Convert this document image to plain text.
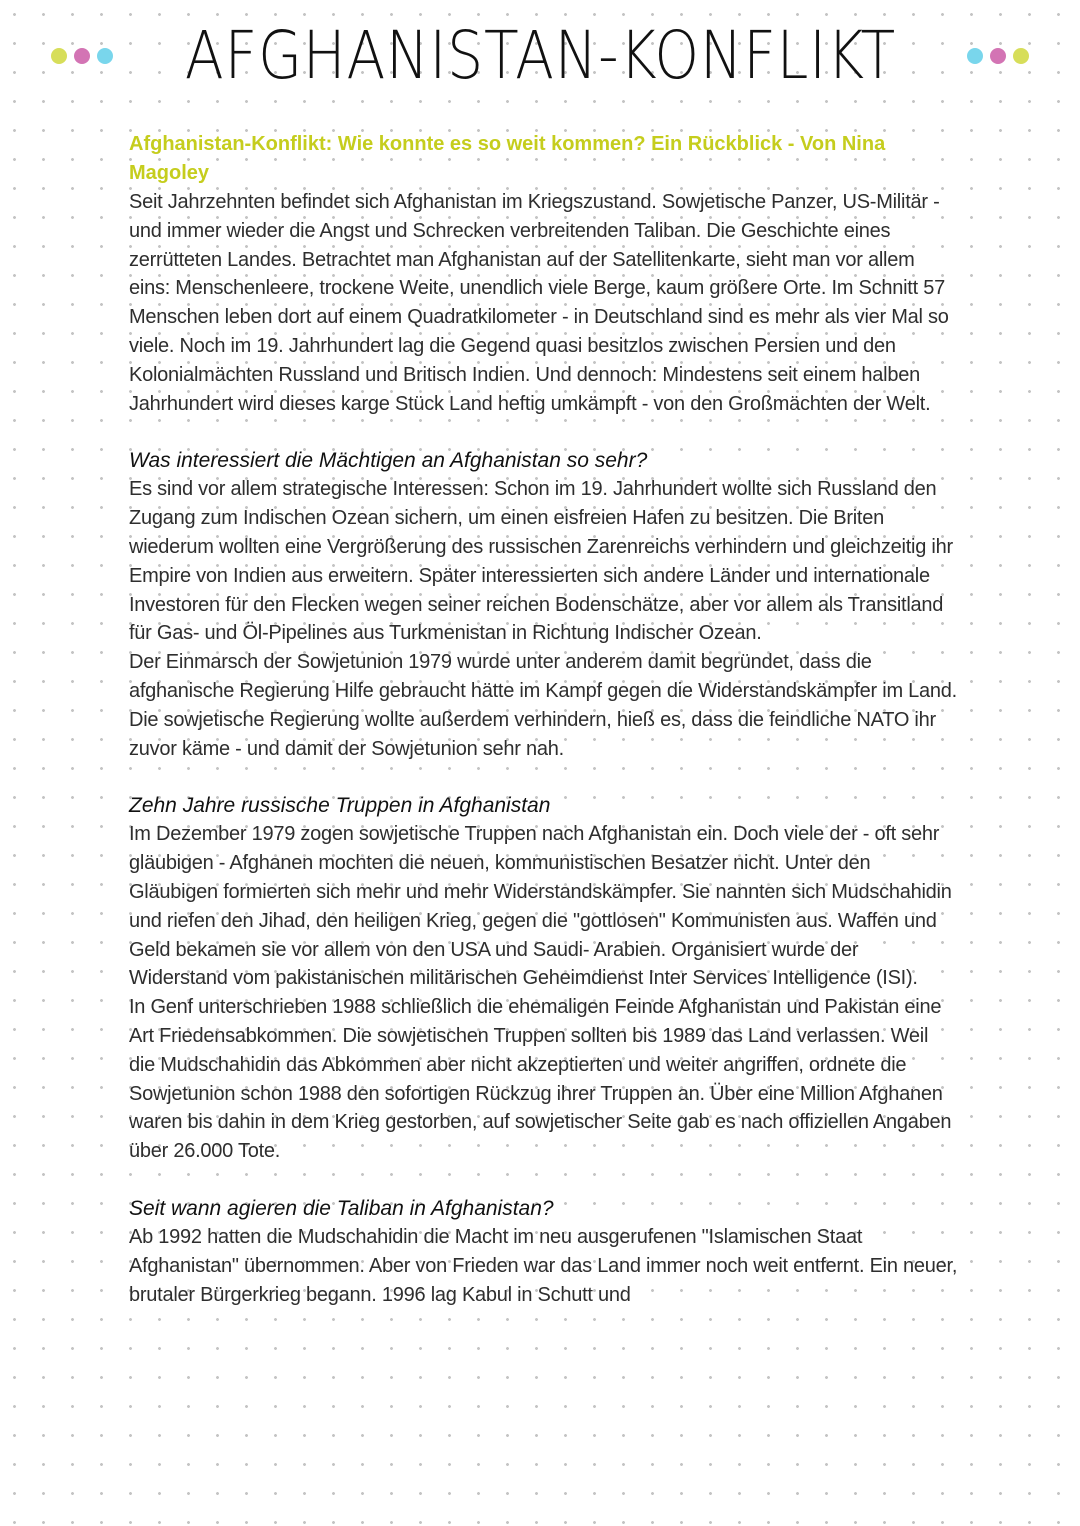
AFGHANISTAN-KONFLIKT
Afghanistan-Konflikt: Wie konnte es so weit kommen? Ein Rückblick - Von Nina Magoley

Seit Jahrzehnten befindet sich Afghanistan im Kriegszustand. Sowjetische Panzer, US-Militär - und immer wieder die Angst und Schrecken verbreitenden Taliban. Die Geschichte eines zerrütteten Landes. Betrachtet man Afghanistan auf der Satellitenkarte, sieht man vor allem eins: Menschenleere, trockene Weite, unendlich viele Berge, kaum größere Orte. Im Schnitt 57 Menschen leben dort auf einem Quadratkilometer - in Deutschland sind es mehr als vier Mal so viele. Noch im 19. Jahrhundert lag die Gegend quasi besitzlos zwischen Persien und den Kolonialmächten Russland und Britisch Indien. Und dennoch: Mindestens seit einem halben Jahrhundert wird dieses karge Stück Land heftig umkämpft - von den Großmächten der Welt.

Was interessiert die Mächtigen an Afghanistan so sehr?

Es sind vor allem strategische Interessen: Schon im 19. Jahrhundert wollte sich Russland den Zugang zum Indischen Ozean sichern, um einen eisfreien Hafen zu besitzen. Die Briten wiederum wollten eine Vergrößerung des russischen Zarenreichs verhindern und gleichzeitig ihr Empire von Indien aus erweitern. Später interessierten sich andere Länder und internationale Investoren für den Flecken wegen seiner reichen Bodenschätze, aber vor allem als Transitland für Gas- und Öl-Pipelines aus Turkmenistan in Richtung Indischer Ozean.

Der Einmarsch der Sowjetunion 1979 wurde unter anderem damit begründet, dass die afghanische Regierung Hilfe gebraucht hätte im Kampf gegen die Widerstandskämpfer im Land. Die sowjetische Regierung wollte außerdem verhindern, hieß es, dass die feindliche NATO ihr zuvor käme - und damit der Sowjetunion sehr nah.

Zehn Jahre russische Truppen in Afghanistan

Im Dezember 1979 zogen sowjetische Truppen nach Afghanistan ein. Doch viele der - oft sehr gläubigen - Afghanen mochten die neuen, kommunistischen Besatzer nicht. Unter den Gläubigen formierten sich mehr und mehr Widerstandskämpfer. Sie nannten sich Mudschahidin und riefen den Jihad, den heiligen Krieg, gegen die "gottlosen" Kommunisten aus. Waffen und Geld bekamen sie vor allem von den USA und Saudi- Arabien. Organisiert wurde der Widerstand vom pakistanischen militärischen Geheimdienst Inter Services Intelligence (ISI).

In Genf unterschrieben 1988 schließlich die ehemaligen Feinde Afghanistan und Pakistan eine Art Friedensabkommen. Die sowjetischen Truppen sollten bis 1989 das Land verlassen. Weil die Mudschahidin das Abkommen aber nicht akzeptierten und weiter angriffen, ordnete die Sowjetunion schon 1988 den sofortigen Rückzug ihrer Truppen an. Über eine Million Afghanen waren bis dahin in dem Krieg gestorben, auf sowjetischer Seite gab es nach offiziellen Angaben über 26.000 Tote.

Seit wann agieren die Taliban in Afghanistan?

Ab 1992 hatten die Mudschahidin die Macht im neu ausgerufenen "Islamischen Staat Afghanistan" übernommen. Aber von Frieden war das Land immer noch weit entfernt. Ein neuer, brutaler Bürgerkrieg begann. 1996 lag Kabul in Schutt und
